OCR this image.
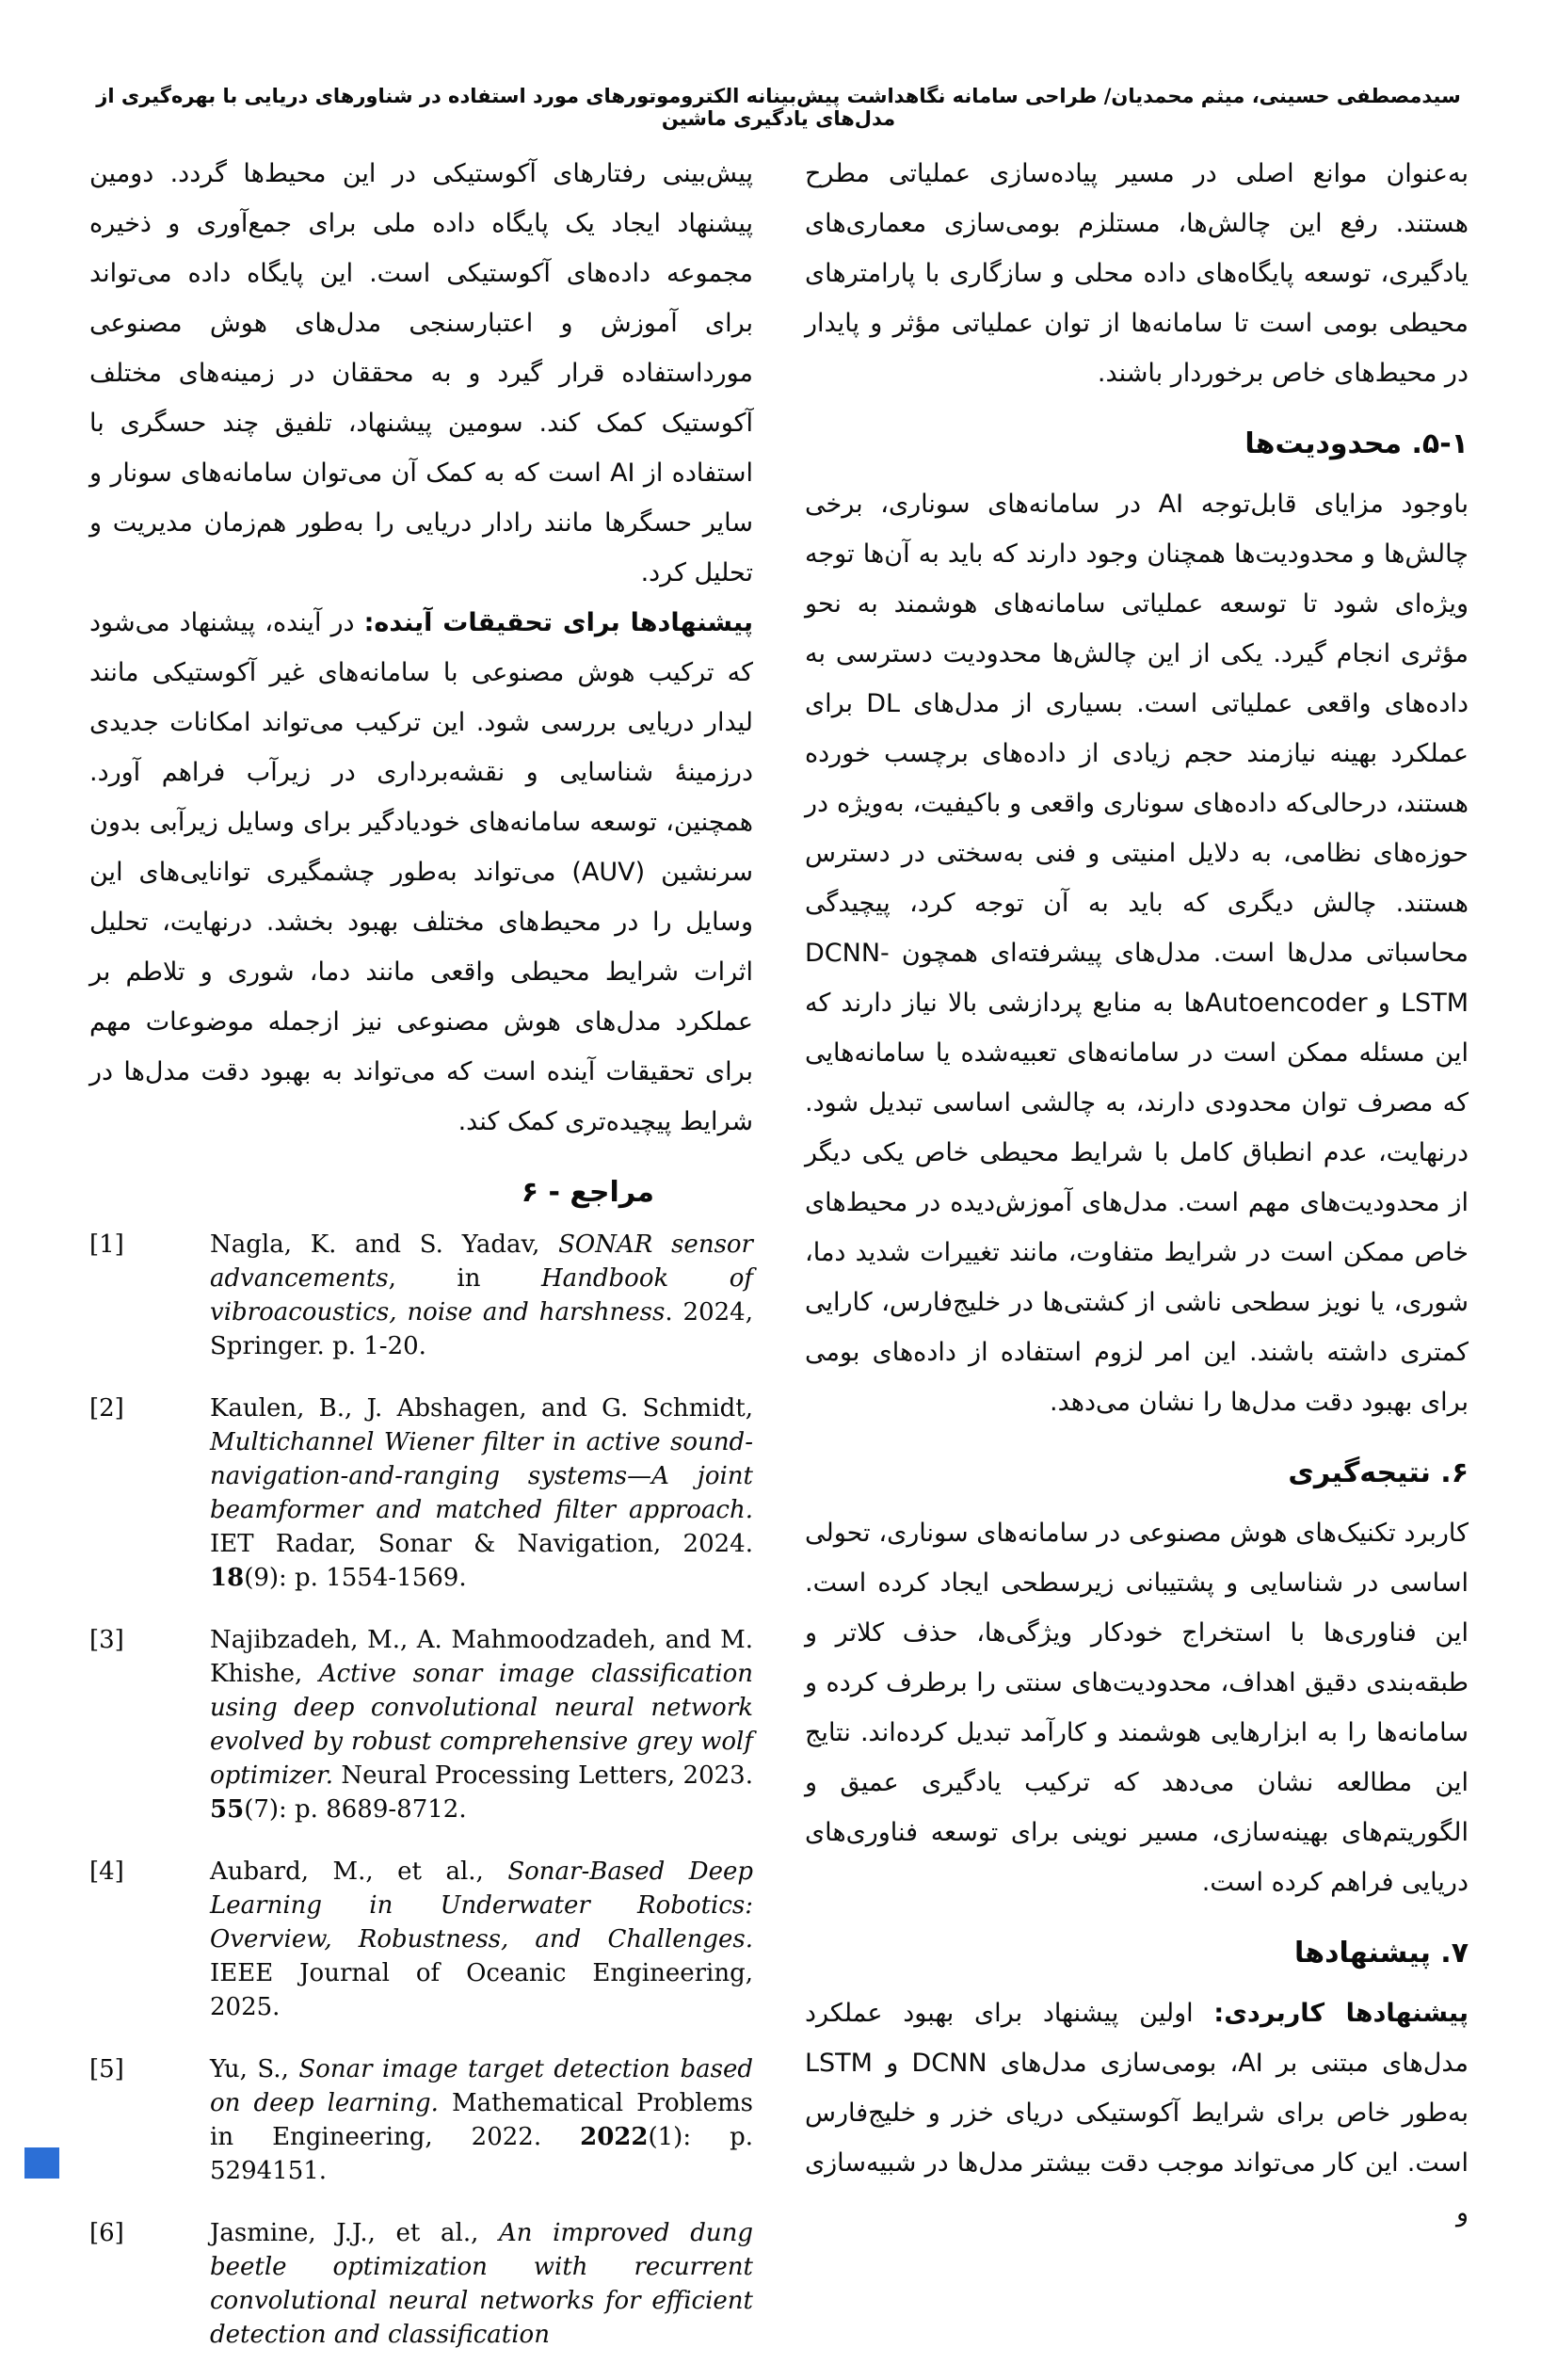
سیدمصطفی حسینی، میثم محمدیان/ طراحی سامانه نگاهداشت پیش‌بینانه الکتروموتورهای مورد استفاده در شناورهای دریایی با بهره‌گیری از مدل‌های یادگیری ماشین

به‌عنوان موانع اصلی در مسیر پیاده‌سازی عملیاتی مطرح هستند. رفع این چالش‌ها، مستلزم بومی‌سازی معماری‌های یادگیری، توسعه پایگاه‌های داده محلی و سازگاری با پارامترهای محیطی بومی است تا سامانه‌ها از توان عملیاتی مؤثر و پایدار در محیط‌های خاص برخوردار باشند.

۵-۱. محدودیت‌ها

باوجود مزایای قابل‌توجه AI در سامانه‌های سوناری، برخی چالش‌ها و محدودیت‌ها همچنان وجود دارند که باید به آن‌ها توجه ویژه‌ای شود تا توسعه عملیاتی سامانه‌های هوشمند به نحو مؤثری انجام گیرد. یکی از این چالش‌ها محدودیت دسترسی به داده‌های واقعی عملیاتی است. بسیاری از مدل‌های DL برای عملکرد بهینه نیازمند حجم زیادی از داده‌های برچسب خورده هستند، درحالی‌که داده‌های سوناری واقعی و باکیفیت، به‌ویژه در حوزه‌های نظامی، به دلایل امنیتی و فنی به‌سختی در دسترس هستند. چالش دیگری که باید به آن توجه کرد، پیچیدگی محاسباتی مدل‌ها است. مدل‌های پیشرفته‌ای همچون DCNN-LSTM و Autoencoderها به منابع پردازشی بالا نیاز دارند که این مسئله ممکن است در سامانه‌های تعبیه‌شده یا سامانه‌هایی که مصرف توان محدودی دارند، به چالشی اساسی تبدیل شود. درنهایت، عدم انطباق کامل با شرایط محیطی خاص یکی دیگر از محدودیت‌های مهم است. مدل‌های آموزش‌دیده در محیط‌های خاص ممکن است در شرایط متفاوت، مانند تغییرات شدید دما، شوری، یا نویز سطحی ناشی از کشتی‌ها در خلیج‌فارس، کارایی کمتری داشته باشند. این امر لزوم استفاده از داده‌های بومی برای بهبود دقت مدل‌ها را نشان می‌دهد.

۶. نتیجه‌گیری

کاربرد تکنیک‌های هوش مصنوعی در سامانه‌های سوناری، تحولی اساسی در شناسایی و پشتیبانی زیرسطحی ایجاد کرده است. این فناوری‌ها با استخراج خودکار ویژگی‌ها، حذف کلاتر و طبقه‌بندی دقیق اهداف، محدودیت‌های سنتی را برطرف کرده و سامانه‌ها را به ابزارهایی هوشمند و کارآمد تبدیل کرده‌اند. نتایج این مطالعه نشان می‌دهد که ترکیب یادگیری عمیق و الگوریتم‌های بهینه‌سازی، مسیر نوینی برای توسعه فناوری‌های دریایی فراهم کرده است.

۷. پیشنهادها

پیشنهادها کاربردی: اولین پیشنهاد برای بهبود عملکرد مدل‌های مبتنی بر AI، بومی‌سازی مدل‌های DCNN و LSTM به‌طور خاص برای شرایط آکوستیکی دریای خزر و خلیج‌فارس است. این کار می‌تواند موجب دقت بیشتر مدل‌ها در شبیه‌سازی و

پیش‌بینی رفتارهای آکوستیکی در این محیط‌ها گردد. دومین پیشنهاد ایجاد یک پایگاه داده ملی برای جمع‌آوری و ذخیره مجموعه داده‌های آکوستیکی است. این پایگاه داده می‌تواند برای آموزش و اعتبارسنجی مدل‌های هوش مصنوعی مورداستفاده قرار گیرد و به محققان در زمینه‌های مختلف آکوستیک کمک کند. سومین پیشنهاد، تلفیق چند حسگری با استفاده از AI است که به کمک آن می‌توان سامانه‌های سونار و سایر حسگرها مانند رادار دریایی را به‌طور هم‌زمان مدیریت و تحلیل کرد.

پیشنهادها برای تحقیقات آینده: در آینده، پیشنهاد می‌شود که ترکیب هوش مصنوعی با سامانه‌های غیر آکوستیکی مانند لیدار دریایی بررسی شود. این ترکیب می‌تواند امکانات جدیدی درزمینهٔ شناسایی و نقشه‌برداری در زیرآب فراهم آورد. همچنین، توسعه سامانه‌های خودیادگیر برای وسایل زیرآبی بدون سرنشین (AUV) می‌تواند به‌طور چشمگیری توانایی‌های این وسایل را در محیط‌های مختلف بهبود بخشد. درنهایت، تحلیل اثرات شرایط محیطی واقعی مانند دما، شوری و تلاطم بر عملکرد مدل‌های هوش مصنوعی نیز ازجمله موضوعات مهم برای تحقیقات آینده است که می‌تواند به بهبود دقت مدل‌ها در شرایط پیچیده‌تری کمک کند.

۶ - مراجع
[1]	Nagla, K. and S. Yadav, SONAR sensor advancements, in Handbook of vibroacoustics, noise and harshness. 2024, Springer. p. 1-20.
[2]	Kaulen, B., J. Abshagen, and G. Schmidt, Multichannel Wiener filter in active sound-navigation-and-ranging systems—A joint beamformer and matched filter approach. IET Radar, Sonar & Navigation, 2024. 18(9): p. 1554-1569.
[3]	Najibzadeh, M., A. Mahmoodzadeh, and M. Khishe, Active sonar image classification using deep convolutional neural network evolved by robust comprehensive grey wolf optimizer. Neural Processing Letters, 2023. 55(7): p. 8689-8712.
[4]	Aubard, M., et al., Sonar-Based Deep Learning in Underwater Robotics: Overview, Robustness, and Challenges. IEEE Journal of Oceanic Engineering, 2025.
[5]	Yu, S., Sonar image target detection based on deep learning. Mathematical Problems in Engineering, 2022. 2022(1): p. 5294151.
[6]	Jasmine, J.J., et al., An improved dung beetle optimization with recurrent convolutional neural networks for efficient detection and classification
